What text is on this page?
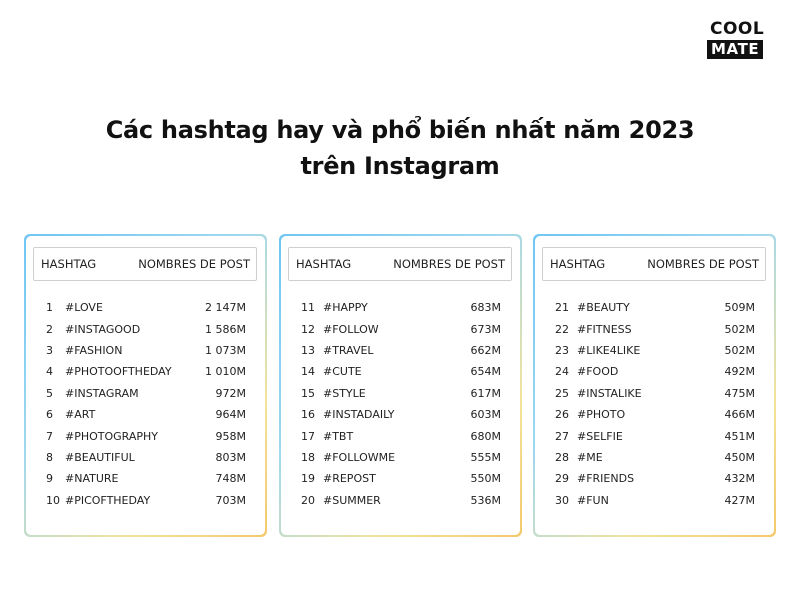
COOL
MATE
Các hashtag hay và phổ biến nhất năm 2023
trên Instagram
HASHTAG	NOMBRES DE POST
1	#LOVE	2 147M
2	#INSTAGOOD	1 586M
3	#FASHION	1 073M
4	#PHOTOOFTHEDAY	1 010M
5	#INSTAGRAM	972M
6	#ART	964M
7	#PHOTOGRAPHY	958M
8	#BEAUTIFUL	803M
9	#NATURE	748M
10 #PICOFTHEDAY	703M
HASHTAG	NOMBRES DE POST
11 #HAPPY	683M
12 #FOLLOW	673M
13 #TRAVEL	662M
14 #CUTE	654M
15 #STYLE	617M
16 #INSTADAILY	603M
17 #TBT	680M
18 #FOLLOWME	555M
19 #REPOST	550M
20 #SUMMER	536M
HASHTAG	NOMBRES DE POST
21 #BEAUTY	509M
22 #FITNESS	502M
23 #LIKE4LIKE	502M
24 #FOOD	492M
25 #INSTALIKE	475M
26 #PHOTO	466M
27 #SELFIE	451M
28 #ME	450M
29 #FRIENDS	432M
30 #FUN	427M
